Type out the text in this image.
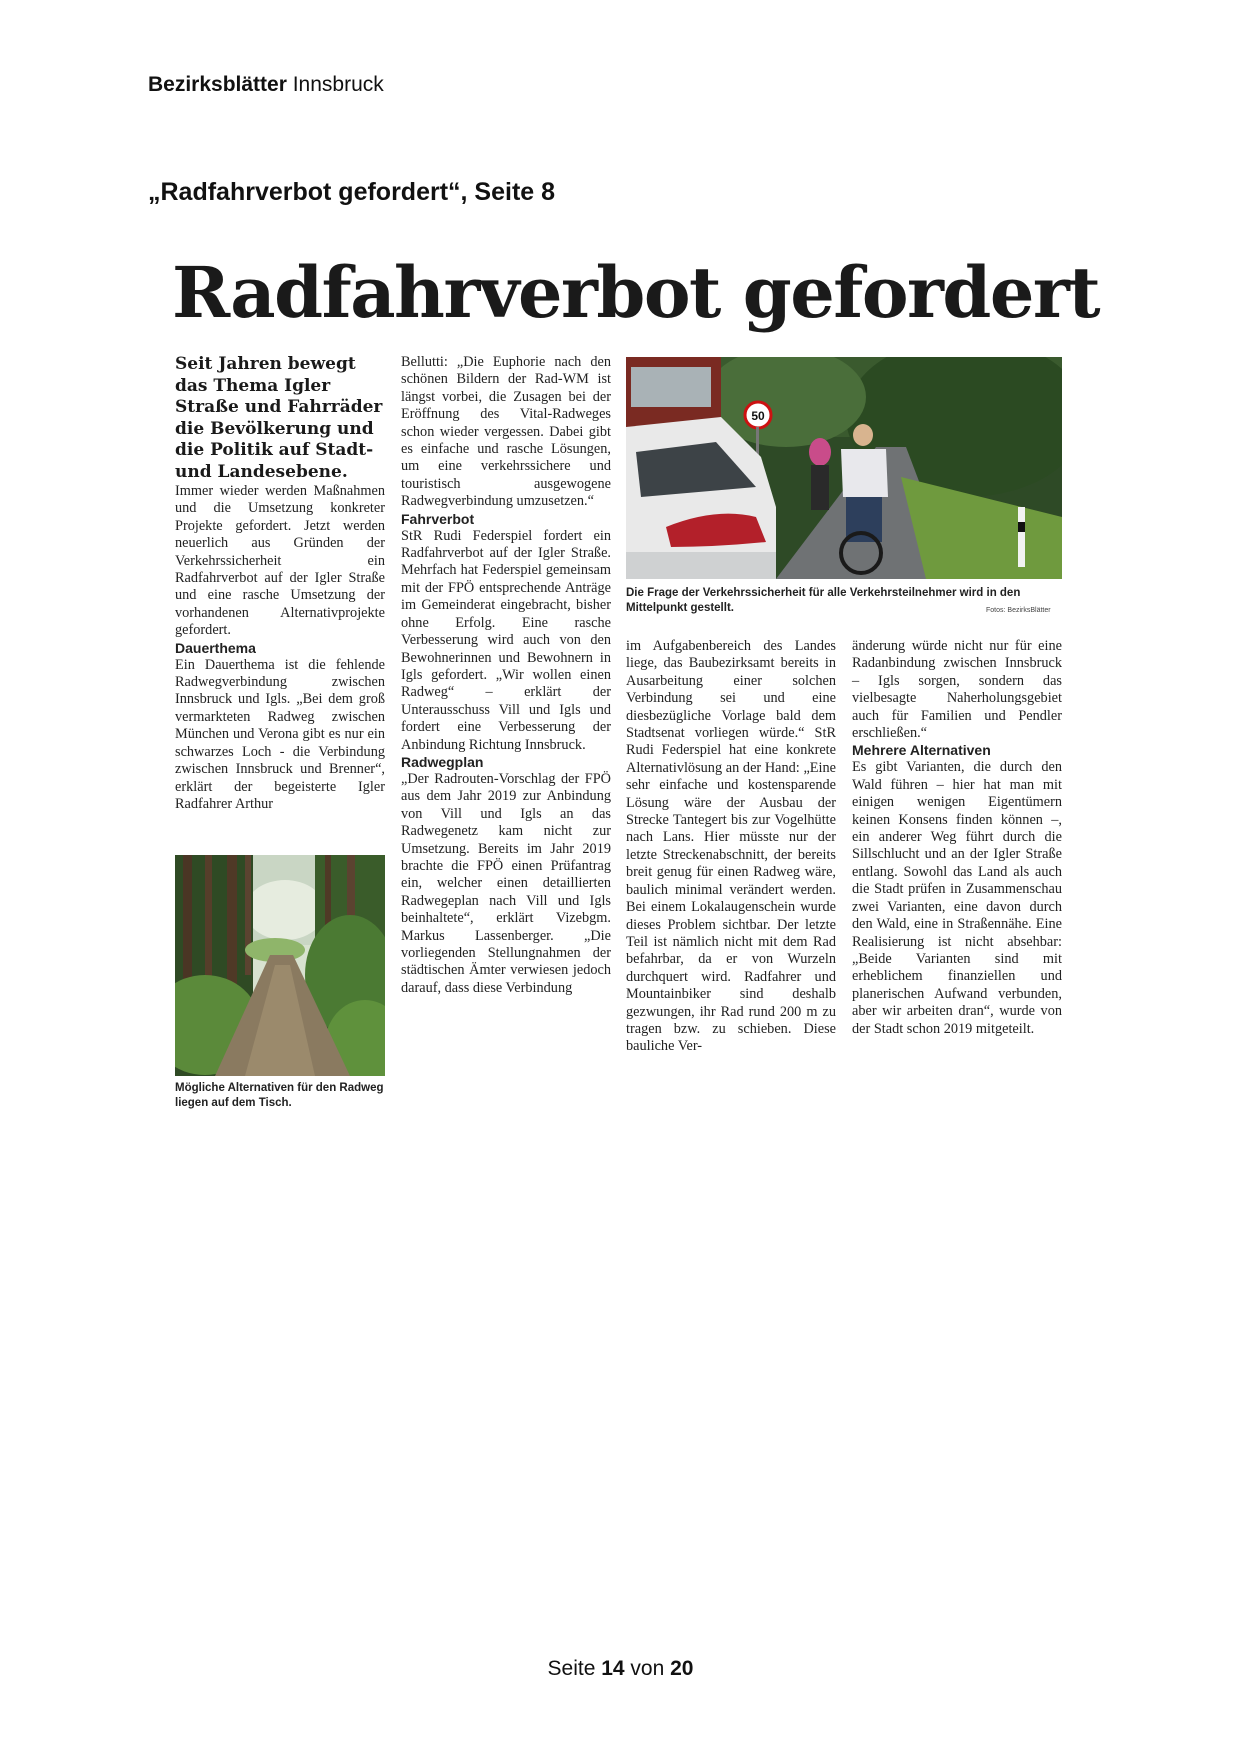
Bezirksblätter Innsbruck
„Radfahrverbot gefordert“, Seite 8
Radfahrverbot gefordert

Seit Jahren bewegt das Thema Igler Straße und Fahrräder die Bevölkerung und die Politik auf Stadt- und Landesebene.

Immer wieder werden Maßnahmen und die Umsetzung konkreter Projekte gefordert. Jetzt werden neuerlich aus Gründen der Verkehrssicherheit ein Radfahrverbot auf der Igler Straße und eine rasche Umsetzung der vorhandenen Alternativprojekte gefordert.

Dauerthema

Ein Dauerthema ist die fehlende Radwegverbindung zwischen Innsbruck und Igls. „Bei dem groß vermarkteten Radweg zwischen München und Verona gibt es nur ein schwarzes Loch - die Verbindung zwischen Innsbruck und Brenner“, erklärt der begeisterte Igler Radfahrer Arthur

Mögliche Alternativen für den Radweg liegen auf dem Tisch.

Bellutti: „Die Euphorie nach den schönen Bildern der Rad-WM ist längst vorbei, die Zusagen bei der Eröffnung des Vital-Radweges schon wieder vergessen. Dabei gibt es einfache und rasche Lösungen, um eine verkehrssichere und touristisch ausgewogene Radwegverbindung umzusetzen.“

Fahrverbot

StR Rudi Federspiel fordert ein Radfahrverbot auf der Igler Straße. Mehrfach hat Federspiel gemeinsam mit der FPÖ entsprechende Anträge im Gemeinderat eingebracht, bisher ohne Erfolg. Eine rasche Verbesserung wird auch von den Bewohnerinnen und Bewohnern in Igls gefordert. „Wir wollen einen Radweg“ – erklärt der Unterausschuss Vill und Igls und fordert eine Verbesserung der Anbindung Richtung Innsbruck.

Radwegplan

„Der Radrouten-Vorschlag der FPÖ aus dem Jahr 2019 zur Anbindung von Vill und Igls an das Radwegenetz kam nicht zur Umsetzung. Bereits im Jahr 2019 brachte die FPÖ einen Prüfantrag ein, welcher einen detaillierten Radwegeplan nach Vill und Igls beinhaltete“, erklärt Vizebgm. Markus Lassenberger. „Die vorliegenden Stellungnahmen der städtischen Ämter verwiesen jedoch darauf, dass diese Verbindung

50
Die Frage der Verkehrssicherheit für alle Verkehrsteilnehmer wird in den Mittelpunkt gestellt.	Fotos: BezirksBlätter

im Aufgabenbereich des Landes liege, das Baubezirksamt bereits in Ausarbeitung einer solchen Verbindung sei und eine diesbezügliche Vorlage bald dem Stadtsenat vorliegen würde.“ StR Rudi Federspiel hat eine konkrete Alternativlösung an der Hand: „Eine sehr einfache und kostensparende Lösung wäre der Ausbau der Strecke Tantegert bis zur Vogelhütte nach Lans. Hier müsste nur der letzte Streckenabschnitt, der bereits breit genug für einen Radweg wäre, baulich minimal verändert werden. Bei einem Lokalaugenschein wurde dieses Problem sichtbar. Der letzte Teil ist nämlich nicht mit dem Rad befahrbar, da er von Wurzeln durchquert wird. Radfahrer und Mountainbiker sind deshalb gezwungen, ihr Rad rund 200 m zu tragen bzw. zu schieben. Diese bauliche Ver-

änderung würde nicht nur für eine Radanbindung zwischen Innsbruck – Igls sorgen, sondern das vielbesagte Naherholungsgebiet auch für Familien und Pendler erschließen.“

Mehrere Alternativen

Es gibt Varianten, die durch den Wald führen – hier hat man mit einigen wenigen Eigentümern keinen Konsens finden können –, ein anderer Weg führt durch die Sillschlucht und an der Igler Straße entlang. Sowohl das Land als auch die Stadt prüfen in Zusammenschau zwei Varianten, eine davon durch den Wald, eine in Straßennähe. Eine Realisierung ist nicht absehbar: „Beide Varianten sind mit erheblichem finanziellen und planerischen Aufwand verbunden, aber wir arbeiten dran“, wurde von der Stadt schon 2019 mitgeteilt.

Seite 14 von 20
